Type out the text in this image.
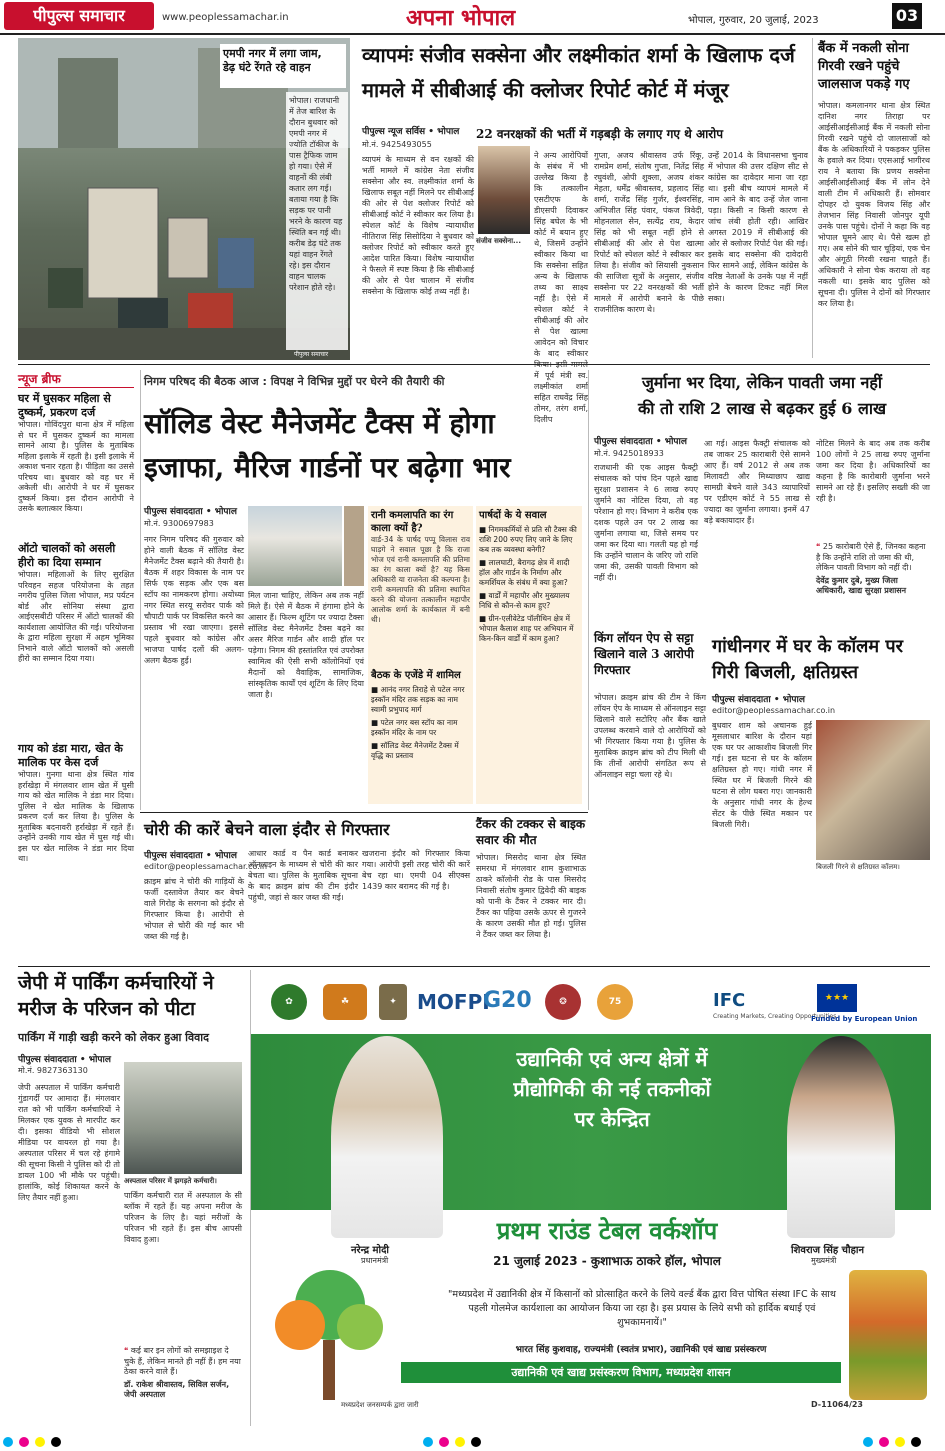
पीपुल्स समाचार	www.peoplessamachar.in	अपना भोपाल	भोपाल, गुरुवार, 20 जुलाई, 2023	03
एमपी नगर में लगा जाम,
डेढ़ घंटे रेंगते रहे वाहन
भोपाल। राजधानी में तेज बारिश के दौरान बुधवार को एमपी नगर में ज्योति टॉकीज के पास ट्रैफिक जाम हो गया। ऐसे में वाहनों की लंबी कतार लग गई। बताया गया है कि सड़क पर पानी भरने के कारण यह स्थिति बन गई थी। करीब डेढ़ घंटे तक यहां वाहन रेंगते रहे। इस दौरान वाहन चालक परेशान होते रहे।
पीपुल्स समाचार
व्यापमंः संजीव सक्सेना और लक्ष्मीकांत शर्मा के खिलाफ दर्ज मामले में सीबीआई की क्लोजर रिपोर्ट कोर्ट में मंजूर
22 वनरक्षकों की भर्ती में गड़बड़ी के लगाए गए थे आरोप
पीपुल्स न्यूज सर्विस • भोपाल
मो.नं. 9425493055
व्यापमं के माध्यम से वन रक्षकों की भर्ती मामले में कांग्रेस नेता संजीव सक्सेना और स्व. लक्ष्मीकांत शर्मा के खिलाफ सबूत नहीं मिलने पर सीबीआई की ओर से पेश क्लोजर रिपोर्ट को सीबीआई कोर्ट ने स्वीकार कर लिया है। स्पेशल कोर्ट के विशेष न्यायाधीश नीतिराज सिंह सिसोदिया ने बुधवार को क्लोजर रिपोर्ट को स्वीकार करते हुए आदेश पारित किया। विशेष न्यायाधीश ने फैसले में स्पष्ट किया है कि सीबीआई की ओर से पेश चालान में संजीव सक्सेना के खिलाफ कोई तथ्य नहीं है।
संजीव सक्सेना...
ने अन्य आरोपियों के संबंध में भी उल्लेख किया है कि तत्कालीन एसटीएफ के डीएसपी दिवाकर सिंह बघेल के भी कोर्ट में बयान हुए थे, जिसमें उन्होंने स्वीकार किया था कि सक्सेना सहित अन्य के खिलाफ तथ्य का साक्ष्य नहीं है। ऐसे में स्पेशल कोर्ट ने सीबीआई की ओर से पेश खात्मा आवेदन को विचार के बाद स्वीकार में पूर्व मंत्री स्व. लक्ष्मीकांत शर्मा सहित राघवेंद्र सिंह तोमर, तरंग शर्मा, दिलीप
गुप्ता, अजय श्रीवास्तव उर्फ रिंकू, रामप्रेम शर्मा, संतोष गुप्ता, नितेंद्र सिंह रघुवंशी, ओपी शुक्ला, अजय शंकर मेहता, धर्मेंद्र श्रीवास्तव, प्रहलाद सिंह शर्मा, राजेंद्र सिंह गुर्जर, ईश्वरसिंह, अभिजीत सिंह पंवार, पंकज त्रिवेदी, मोहनलाल सेन, सत्येंद्र राय, केदार सिंह को भी सबूत नहीं होने से सीबीआई की ओर से पेश खात्मा रिपोर्ट को स्पेशल कोर्ट ने स्वीकार कर लिया है। संजीव को सियासी नुकसान की साजिशः सूत्रों के अनुसार, संजीव सक्सेना पर 22 वनरक्षकों की भर्ती मामले में आरोपी बनाने के पीछे राजनीतिक कारण थे।
उन्हें 2014 के विधानसभा चुनाव में भोपाल की उत्तर दक्षिण सीट से कांग्रेस का दावेदार माना जा रहा था। इसी बीच व्यापमं मामले में नाम आने के बाद उन्हें जेल जाना पड़ा। किसी न किसी कारण से जांच लंबी होती रही। आखिर अगस्त 2019 में सीबीआई की ओर से क्लोजर रिपोर्ट पेश की गई। इसके बाद सक्सेना की दावेदारी फिर सामने आई, लेकिन कांग्रेस के वरिष्ठ नेताओं के उनके पक्ष में नहीं होने के कारण टिकट नहीं मिल सका।
बैंक में नकली सोना गिरवी रखने पहुंचे जालसाज पकड़े गए
भोपाल। कमलानगर थाना क्षेत्र स्थित दानिश नगर तिराहा पर आईसीआईसीआई बैंक में नकली सोना गिरवी रखने पहुंचे दो जालसाजों को बैंक के अधिकारियों ने पकड़कर पुलिस के हवाले कर दिया। एएसआई भागीरथ राय ने बताया कि प्रणय सक्सेना आईसीआईसीआई बैंक में लोन देने वाली टीम में अधिकारी हैं। सोमवार दोपहर दो युवक विजय सिंह और तेजभान सिंह निवासी जोनपुर यूपी उनके पास पहुंचे। दोनों ने कहा कि वह भोपाल घूमने आए थे। पैसे खत्म हो गए। अब सोने की चार चूड़ियां, एक चेन और अंगूठी गिरवी रखना चाहते हैं। अधिकारी ने सोना चेक कराया तो वह नकली था। इसके बाद पुलिस को सूचना दी। पुलिस ने दोनों को गिरफ्तार कर लिया है।
न्यूज ब्रीफ
घर में घुसकर महिला से दुष्कर्म, प्रकरण दर्ज
भोपाल। गोविंदपुरा थाना क्षेत्र में महिला से घर में घुसकर दुष्कर्म का मामला सामने आया है। पुलिस के मुताबिक महिला इलाके में रहती है। इसी इलाके में अकाश चनार रहता है। पीड़िता का उससे परिचय था। बुधवार को वह घर में अकेली थी। आरोपी ने घर में घुसकर दुष्कर्म किया। इस दौरान आरोपी ने उसके बलात्कार किया।
ऑटो चालकों को असली हीरो का दिया सम्मान
भोपाल। महिलाओं के लिए सुरक्षित परिवहन सहज परियोजना के तहत नगरीय पुलिस जिला भोपाल, मप्र पर्यटन बोर्ड और सोनिया संस्था द्वारा आईएसबीटी परिसर में ऑटो चालकों की कार्यशाला आयोजित की गई। परियोजना के द्वारा महिला सुरक्षा में अहम भूमिका निभाने वाले ऑटो चालकों को असली हीरो का सम्मान दिया गया।
गाय को डंडा मारा, खेत के मालिक पर केस दर्ज
भोपाल। गुनगा थाना क्षेत्र स्थित गांव हर्राखेड़ा में मंगलवार शाम खेत में घुसी गाय को खेत मालिक ने डंडा मार दिया। पुलिस ने खेत मालिक के खिलाफ प्रकरण दर्ज कर लिया है। पुलिस के मुताबिक बदनावरी हर्राखेड़ा में रहते हैं। उन्होंने उनकी गाय खेत में घुस गई थी। इस पर खेत मालिक ने डंडा मार दिया था।
निगम परिषद की बैठक आज : विपक्ष ने विभिन्न मुद्दों पर घेरने की तैयारी की
सॉलिड वेस्ट मैनेजमेंट टैक्स में होगा
इजाफा, मैरिज गार्डनों पर बढ़ेगा भार
पीपुल्स संवाददाता • भोपाल
मो.नं. 9300697983
नगर निगम परिषद की गुरुवार को होने वाली बैठक में सॉलिड वेस्ट मैनेजमेंट टैक्स बढ़ाने की तैयारी है। बैठक में शहर विकास के नाम पर सिर्फ एक सड़क और एक बस स्टॉप का नामकरण होगा। अयोध्या नगर स्थित सरयू सरोवर पार्क को चौपाटी पार्क पर विकसित करने का प्रस्ताव भी रखा जाएगा। इससे पहले बुधवार को कांग्रेस और भाजपा पार्षद दलों की अलग-अलग बैठक हुई।
मिल जाना चाहिए, लेकिन अब तक नहीं मिले हैं। ऐसे में बैठक में हंगामा होने के आसार हैं। फिल्म शूटिंग पर ज्यादा टैक्सः सॉलिड वेस्ट मैनेजमेंट टैक्स बढ़ने का असर मैरिज गार्डन और शादी हॉल पर पड़ेगा। निगम की हस्तांतरित एवं उपरोक्त स्वामित्व की ऐसी सभी कॉलोनियों एवं मैदानों को वैवाहिक, सामाजिक, सांस्कृतिक कार्यों एवं शूटिंग के लिए दिया जाता है।
रानी कमलापति का रंग काला क्यों है?
वार्ड-34 के पार्षद पप्पू विलास राव घाड़गे ने सवाल पूछा है कि राजा भोज एवं रानी कमलापति की प्रतिमा का रंग काला क्यों है? यह किस अधिकारी या राजनेता की कल्पना है। रानी कमलापति की प्रतिमा स्थापित करने की योजना तत्कालीन महापौर आलोक शर्मा के कार्यकाल में बनी थी।
बैठक के एजेंडे में शामिल
■ आनंद नगर तिराहे से पटेल नगर इस्कॉन मंदिर तक सड़क का नाम स्वामी प्रभुपाद मार्ग
■ पटेल नगर बस स्टॉप का नाम इस्कॉन मंदिर के नाम पर
■ सॉलिड वेस्ट मैनेजमेंट टैक्स में वृद्धि का प्रस्ताव
पार्षदों के ये सवाल
■ निगमकर्मियों से प्रति सौ टैक्स की राशि 200 रुपए लिए जाने के लिए कब तक व्यवस्था बनेगी?
■ लालघाटी, बैरागढ़ क्षेत्र में शादी हॉल और गार्डन के निर्माण और कमर्शियल के संबंध में क्या हुआ?
■ वार्डों में महापौर और मुख्यालय निधि से कौन-से काम हुए?
■ ग्रीन-एलीवेटेड पॉलीथिन क्षेत्र में भोपाल कैलाश शाह पर अभियान में किन-किन वार्डों में काम हुआ?
जुर्माना भर दिया, लेकिन पावती जमा नहीं
की तो राशि 2 लाख से बढ़कर हुई 6 लाख
पीपुल्स संवाददाता • भोपाल
मो.नं. 9425018933
राजधानी की एक आइस फैक्ट्री संचालक को पांच दिन पहले खाद्य सुरक्षा प्रशासन ने 6 लाख रुपए जुर्माने का नोटिस दिया, तो वह परेशान हो गए। विभाग ने करीब एक दशक पहले उन पर 2 लाख का जुर्माना लगाया था, जिसे समय पर जमा कर दिया था। गलती यह हो गई कि उन्होंने चालान के जरिए जो राशि जमा की, उसकी पावती विभाग को नहीं दी।
आ गई। आइस फैक्ट्री संचालक को तब जाकर 25 काराबारी ऐसे सामने आए हैं। वर्ष 2012 से अब तक मिलावटी और मिथ्याछाप खाद्य सामग्री बेचने वाले 343 व्यापारियों पर एडीएम कोर्ट ने 55 लाख से ज्यादा का जुर्माना लगाया। इनमें 47 बड़े बकायादार हैं।
नोटिस मिलने के बाद अब तक करीब 100 लोगों ने 25 लाख रुपए जुर्माना जमा कर दिया है। अधिकारियों का कहना है कि कारोबारी जुर्माना भरने सामने आ रहे हैं। इसलिए सख्ती की जा रही है।
❝ 25 कारोबारी ऐसे हैं, जिनका कहना है कि उन्होंने राशि तो जमा की थी, लेकिन पावती विभाग को नहीं दी।
देवेंद्र कुमार दुबे, मुख्य जिला अधिकारी, खाद्य सुरक्षा प्रशासन
किंग लॉयन ऐप से सट्टा खिलाने वाले 3 आरोपी गिरफ्तार
भोपाल। क्राइम ब्रांच की टीम ने किंग लॉयन ऐप के माध्यम से ऑनलाइन सट्टा खिलाने वाले सटोरिए और बैंक खाते उपलब्ध करवाने वाले दो आरोपियों को भी गिरफ्तार किया गया है। पुलिस के मुताबिक क्राइम ब्रांच को टीप मिली थी कि तीनों आरोपी संगठित रूप से ऑनलाइन सट्टा चला रहे थे।
गांधीनगर में घर के कॉलम पर गिरी बिजली, क्षतिग्रस्त
पीपुल्स संवाददाता • भोपाल
editor@peoplessamachar.co.in
बुधवार शाम को अचानक हुई मूसलाधार बारिश के दौरान यहां एक घर पर आकाशीय बिजली गिर गई। इस घटना से घर के कॉलम क्षतिग्रस्त हो गए। गांधी नगर में स्थित घर में बिजली गिरने की घटना से लोग घबरा गए। जानकारी के अनुसार गांधी नगर के हेल्थ सेंटर के पीछे स्थित मकान पर बिजली गिरी।
बिजली गिरने से क्षतिग्रस्त कॉलम।
चोरी की कारें बेचने वाला इंदौर से गिरफ्तार
पीपुल्स संवाददाता • भोपाल
editor@peoplessamachar.co.in
क्राइम ब्रांच ने चोरी की गाड़ियों के फर्जी दस्तावेज तैयार कर बेचने वाले गिरोह के सरगना को इंदौर से गिरफ्तार किया है। आरोपी से भोपाल से चोरी की गई कार भी जब्त की गई है।
आधार कार्ड व पैन कार्ड बनाकर ऑनलाइन के माध्यम से चोरी की कार बेचता था। पुलिस के मुताबिक सूचना के बाद क्राइम ब्रांच की टीम इंदौर पहुंची, जहां से कार जब्त की गई।
खजराना इंदौर को गिरफ्तार किया गया। आरोपी इसी तरह चोरी की कारें बेच रहा था। एमपी 04 सीएक्स 1439 कार बरामद की गई है।
टैंकर की टक्कर से बाइक सवार की मौत
भोपाल। मिसरोद थाना क्षेत्र स्थित समरधा में मंगलवार शाम कुशाभाऊ ठाकरे कॉलोनी रोड के पास मिसरोद निवासी संतोष कुमार द्विवेदी की बाइक को पानी के टैंकर ने टक्कर मार दी। टैंकर का पहिया उसके ऊपर से गुजरने के कारण उसकी मौत हो गई। पुलिस ने टैंकर जब्त कर लिया है।
जेपी में पार्किंग कर्मचारियों ने मरीज के परिजन को पीटा
पार्किंग में गाड़ी खड़ी करने को लेकर हुआ विवाद
पीपुल्स संवाददाता • भोपाल
मो.नं. 9827363130
जेपी अस्पताल में पार्किंग कर्मचारी गुंडागर्दी पर आमादा हैं। मंगलवार रात को भी पार्किंग कर्मचारियों ने मिलकर एक युवक से मारपीट कर दी। इसका वीडियो भी सोशल मीडिया पर वायरल हो गया है। अस्पताल परिसर में चल रहे हंगामे की सूचना किसी ने पुलिस को दी तो डायल 100 भी मौके पर पहुंची। हालांकि, कोई शिकायत करने के लिए तैयार नहीं हुआ।
अस्पताल परिसर में झगड़ते कर्मचारी।
पार्किंग कर्मचारी रात में अस्पताल के सी ब्लॉक में रहते हैं। यह अपना मरीज के परिजन के लिए है। यहां मरीजों के परिजन भी रहते हैं। इस बीच आपसी विवाद हुआ।
❝ कई बार इन लोगों को समझाइश दे चुके हैं, लेकिन मानते ही नहीं हैं। हम नया ठेका करने वाले हैं।
डॉ. राकेश श्रीवास्तव, सिविल सर्जन, जेपी अस्पताल
✿	☘	✦	MOFPI
G20	❂	75	IFC
Creating Markets, Creating Opportunities
★★★
Funded by European Union
उद्यानिकी एवं अन्य क्षेत्रों में
प्रौद्योगिकी की नई तकनीकों
पर केन्द्रित
नरेन्द्र मोदी
प्रधानमंत्री
शिवराज सिंह चौहान
मुख्यमंत्री
प्रथम राउंड टेबल वर्कशॉप
21 जुलाई 2023 - कुशाभाऊ ठाकरे हॉल, भोपाल
"मध्यप्रदेश में उद्यानिकी क्षेत्र में किसानों को प्रोत्साहित करने के लिये वर्ल्ड बैंक द्वारा वित्त पोषित संस्था IFC के साथ पहली गोलमेज कार्यशाला का आयोजन किया जा रहा है। इस प्रयास के लिये सभी को हार्दिक बधाई एवं शुभकामनायें।"
भारत सिंह कुशवाह, राज्यमंत्री (स्वतंत्र प्रभार), उद्यानिकी एवं खाद्य प्रसंस्करण
उद्यानिकी एवं खाद्य प्रसंस्करण विभाग, मध्यप्रदेश शासन
मध्यप्रदेश जनसम्पर्क द्वारा जारी	D-11064/23
